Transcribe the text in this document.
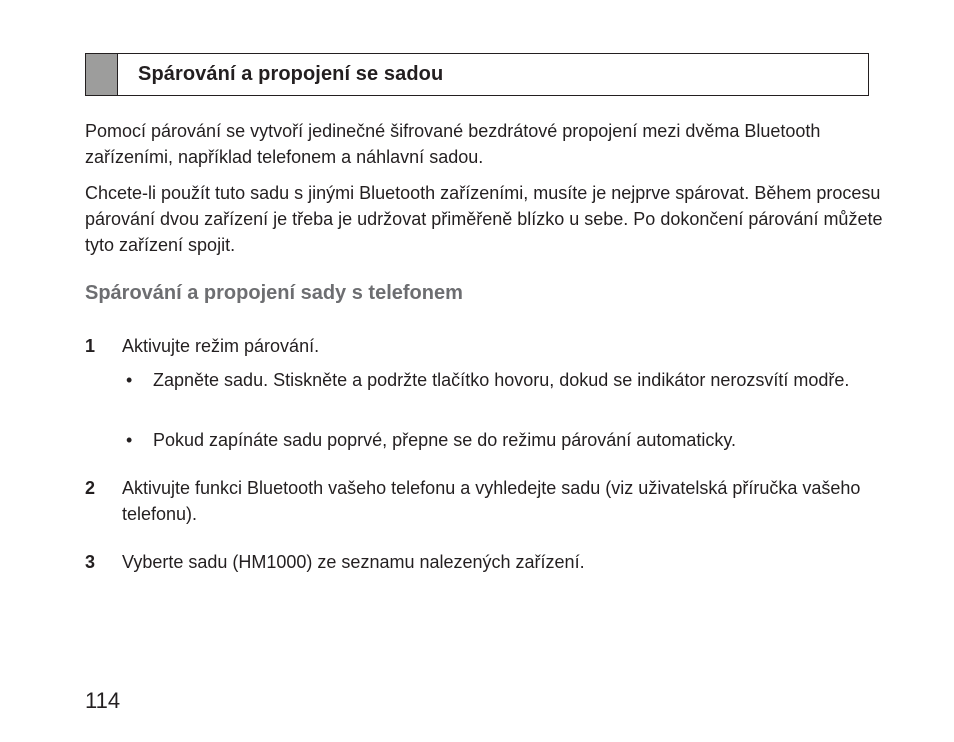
Spárování a propojení se sadou

Pomocí párování se vytvoří jedinečné šifrované bezdrátové propojení mezi dvěma Bluetooth zařízeními, například telefonem a náhlavní sadou.

Chcete-li použít tuto sadu s jinými Bluetooth zařízeními, musíte je nejprve spárovat. Během procesu párování dvou zařízení je třeba je udržovat přiměřeně blízko u sebe. Po dokončení párování můžete tyto zařízení spojit.

Spárování a propojení sady s telefonem
1 Aktivujte režim párování.
• Zapněte sadu. Stiskněte a podržte tlačítko hovoru, dokud se indikátor nerozsvítí modře.
• Pokud zapínáte sadu poprvé, přepne se do režimu párování automaticky.
2 Aktivujte funkci Bluetooth vašeho telefonu a vyhledejte sadu (viz uživatelská příručka vašeho telefonu).
3 Vyberte sadu (HM1000) ze seznamu nalezených zařízení.
114
